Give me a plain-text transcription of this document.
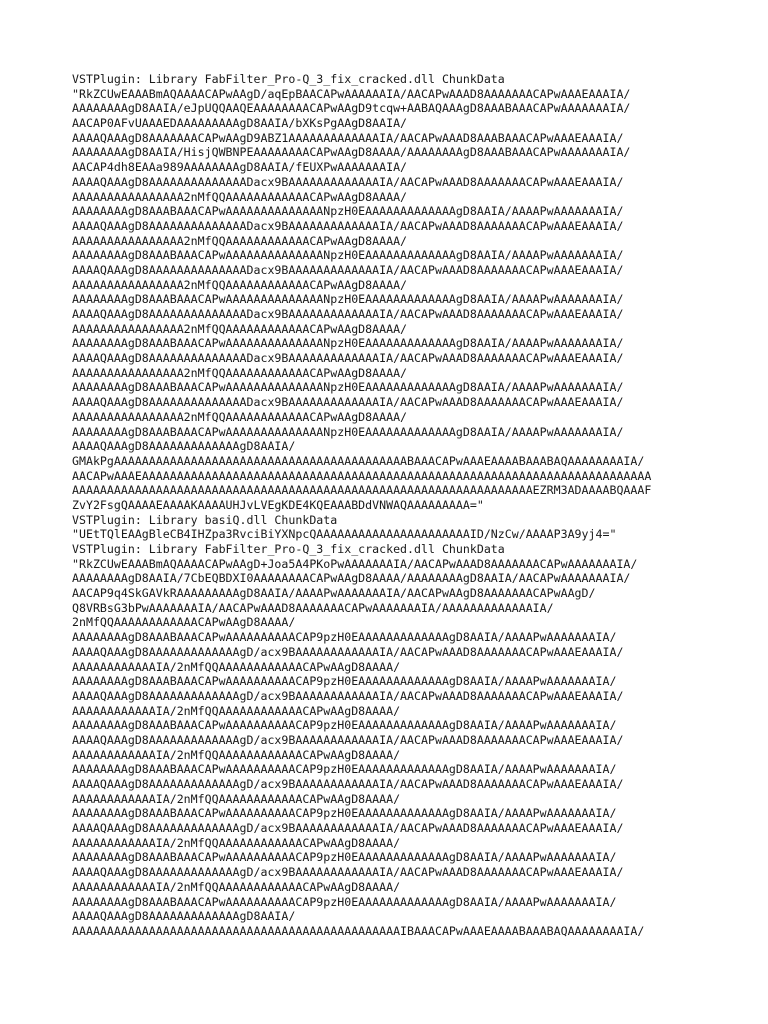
VSTPlugin: Library FabFilter_Pro-Q_3_fix_cracked.dll ChunkData
"RkZCUwEAAABmAQAAAACAPwAAgD/aqEpBAACAPwAAAAAAIA/AACAPwAAAD8AAAAAAACAPwAAAEAAAIA/
AAAAAAAAgD8AAIA/eJpUQQAAQEAAAAAAAACAPwAAgD9tcqw+AABAQAAAgD8AAABAAACAPwAAAAAAAIA/
AACAP0AFvUAAAEDAAAAAAAAAgD8AAIA/bXKsPgAAgD8AAIA/
AAAAQAAAgD8AAAAAAACAPwAAgD9ABZ1AAAAAAAAAAAAAIA/AACAPwAAAD8AAABAAACAPwAAAEAAAIA/
AAAAAAAAgD8AAIA/HisjQWBNPEAAAAAAAACAPwAAgD8AAAA/AAAAAAAAgD8AAABAAACAPwAAAAAAAIA/
AACAP4dh8EAAa989AAAAAAAAgD8AAIA/fEUXPwAAAAAAAIA/
AAAAQAAAgD8AAAAAAAAAAAAAADacx9BAAAAAAAAAAAAAIA/AACAPwAAAD8AAAAAAACAPwAAAEAAAIA/
AAAAAAAAAAAAAAAA2nMfQQAAAAAAAAAAAACAPwAAgD8AAAA/
AAAAAAAAgD8AAABAAACAPwAAAAAAAAAAAAAANpzH0EAAAAAAAAAAAAAgD8AAIA/AAAAPwAAAAAAAIA/
AAAAQAAAgD8AAAAAAAAAAAAAADacx9BAAAAAAAAAAAAAIA/AACAPwAAAD8AAAAAAACAPwAAAEAAAIA/
AAAAAAAAAAAAAAAA2nMfQQAAAAAAAAAAAACAPwAAgD8AAAA/
AAAAAAAAgD8AAABAAACAPwAAAAAAAAAAAAAANpzH0EAAAAAAAAAAAAAgD8AAIA/AAAAPwAAAAAAAIA/
AAAAQAAAgD8AAAAAAAAAAAAAADacx9BAAAAAAAAAAAAAIA/AACAPwAAAD8AAAAAAACAPwAAAEAAAIA/
AAAAAAAAAAAAAAAA2nMfQQAAAAAAAAAAAACAPwAAgD8AAAA/
AAAAAAAAgD8AAABAAACAPwAAAAAAAAAAAAAANpzH0EAAAAAAAAAAAAAgD8AAIA/AAAAPwAAAAAAAIA/
AAAAQAAAgD8AAAAAAAAAAAAAADacx9BAAAAAAAAAAAAAIA/AACAPwAAAD8AAAAAAACAPwAAAEAAAIA/
AAAAAAAAAAAAAAAA2nMfQQAAAAAAAAAAAACAPwAAgD8AAAA/
AAAAAAAAgD8AAABAAACAPwAAAAAAAAAAAAAANpzH0EAAAAAAAAAAAAAgD8AAIA/AAAAPwAAAAAAAIA/
AAAAQAAAgD8AAAAAAAAAAAAAADacx9BAAAAAAAAAAAAAIA/AACAPwAAAD8AAAAAAACAPwAAAEAAAIA/
AAAAAAAAAAAAAAAA2nMfQQAAAAAAAAAAAACAPwAAgD8AAAA/
AAAAAAAAgD8AAABAAACAPwAAAAAAAAAAAAAANpzH0EAAAAAAAAAAAAAgD8AAIA/AAAAPwAAAAAAAIA/
AAAAQAAAgD8AAAAAAAAAAAAAADacx9BAAAAAAAAAAAAAIA/AACAPwAAAD8AAAAAAACAPwAAAEAAAIA/
AAAAAAAAAAAAAAAA2nMfQQAAAAAAAAAAAACAPwAAgD8AAAA/
AAAAAAAAgD8AAABAAACAPwAAAAAAAAAAAAAANpzH0EAAAAAAAAAAAAAgD8AAIA/AAAAPwAAAAAAAIA/
AAAAQAAAgD8AAAAAAAAAAAAAgD8AAIA/
GMAkPgAAAAAAAAAAAAAAAAAAAAAAAAAAAAAAAAAAAAAAAAAABAAACAPwAAAEAAAABAAABAQAAAAAAAAIA/
AACAPwAAAEAAAAAAAAAAAAAAAAAAAAAAAAAAAAAAAAAAAAAAAAAAAAAAAAAAAAAAAAAAAAAAAAAAAAAAAAA
AAAAAAAAAAAAAAAAAAAAAAAAAAAAAAAAAAAAAAAAAAAAAAAAAAAAAAAAAAAAAAAAAAEZRM3ADAAAABQAAAF
ZvY2FsgQAAAAEAAAAKAAAAUHJvLVEgKDE4KQEAAABDdVNWAQAAAAAAAAA="
VSTPlugin: Library basiQ.dll ChunkData
"UEtTQlEAAgBleCB4IHZpa3RvciBiYXNpcQAAAAAAAAAAAAAAAAAAAAAAID/NzCw/AAAAP3A9yj4="
VSTPlugin: Library FabFilter_Pro-Q_3_fix_cracked.dll ChunkData
"RkZCUwEAAABmAQAAAACAPwAAgD+Joa5A4PKoPwAAAAAAAIA/AACAPwAAAD8AAAAAAACAPwAAAAAAAIA/
AAAAAAAAgD8AAIA/7CbEQBDXI0AAAAAAAACAPwAAgD8AAAA/AAAAAAAAgD8AAIA/AACAPwAAAAAAAIA/
AACAP9q4SkGAVkRAAAAAAAAAgD8AAIA/AAAAPwAAAAAAAIA/AACAPwAAgD8AAAAAAACAPwAAgD/
Q8VRBsG3bPwAAAAAAAIA/AACAPwAAAD8AAAAAAACAPwAAAAAAAIA/AAAAAAAAAAAAAIA/
2nMfQQAAAAAAAAAAAACAPwAAgD8AAAA/
AAAAAAAAgD8AAABAAACAPwAAAAAAAAAACAP9pzH0EAAAAAAAAAAAAAgD8AAIA/AAAAPwAAAAAAAIA/
AAAAQAAAgD8AAAAAAAAAAAAAgD/acx9BAAAAAAAAAAAAIA/AACAPwAAAD8AAAAAAACAPwAAAEAAAIA/
AAAAAAAAAAAAIA/2nMfQQAAAAAAAAAAAACAPwAAgD8AAAA/
AAAAAAAAgD8AAABAAACAPwAAAAAAAAAACAP9pzH0EAAAAAAAAAAAAAgD8AAIA/AAAAPwAAAAAAAIA/
AAAAQAAAgD8AAAAAAAAAAAAAgD/acx9BAAAAAAAAAAAAIA/AACAPwAAAD8AAAAAAACAPwAAAEAAAIA/
AAAAAAAAAAAAIA/2nMfQQAAAAAAAAAAAACAPwAAgD8AAAA/
AAAAAAAAgD8AAABAAACAPwAAAAAAAAAACAP9pzH0EAAAAAAAAAAAAAgD8AAIA/AAAAPwAAAAAAAIA/
AAAAQAAAgD8AAAAAAAAAAAAAgD/acx9BAAAAAAAAAAAAIA/AACAPwAAAD8AAAAAAACAPwAAAEAAAIA/
AAAAAAAAAAAAIA/2nMfQQAAAAAAAAAAAACAPwAAgD8AAAA/
AAAAAAAAgD8AAABAAACAPwAAAAAAAAAACAP9pzH0EAAAAAAAAAAAAAgD8AAIA/AAAAPwAAAAAAAIA/
AAAAQAAAgD8AAAAAAAAAAAAAgD/acx9BAAAAAAAAAAAAIA/AACAPwAAAD8AAAAAAACAPwAAAEAAAIA/
AAAAAAAAAAAAIA/2nMfQQAAAAAAAAAAAACAPwAAgD8AAAA/
AAAAAAAAgD8AAABAAACAPwAAAAAAAAAACAP9pzH0EAAAAAAAAAAAAAgD8AAIA/AAAAPwAAAAAAAIA/
AAAAQAAAgD8AAAAAAAAAAAAAgD/acx9BAAAAAAAAAAAAIA/AACAPwAAAD8AAAAAAACAPwAAAEAAAIA/
AAAAAAAAAAAAIA/2nMfQQAAAAAAAAAAAACAPwAAgD8AAAA/
AAAAAAAAgD8AAABAAACAPwAAAAAAAAAACAP9pzH0EAAAAAAAAAAAAAgD8AAIA/AAAAPwAAAAAAAIA/
AAAAQAAAgD8AAAAAAAAAAAAAgD/acx9BAAAAAAAAAAAAIA/AACAPwAAAD8AAAAAAACAPwAAAEAAAIA/
AAAAAAAAAAAAIA/2nMfQQAAAAAAAAAAAACAPwAAgD8AAAA/
AAAAAAAAgD8AAABAAACAPwAAAAAAAAAACAP9pzH0EAAAAAAAAAAAAAgD8AAIA/AAAAPwAAAAAAAIA/
AAAAQAAAgD8AAAAAAAAAAAAAgD8AAIA/
AAAAAAAAAAAAAAAAAAAAAAAAAAAAAAAAAAAAAAAAAAAAAAAIBAAACAPwAAAEAAAABAAABAQAAAAAAAAIA/
